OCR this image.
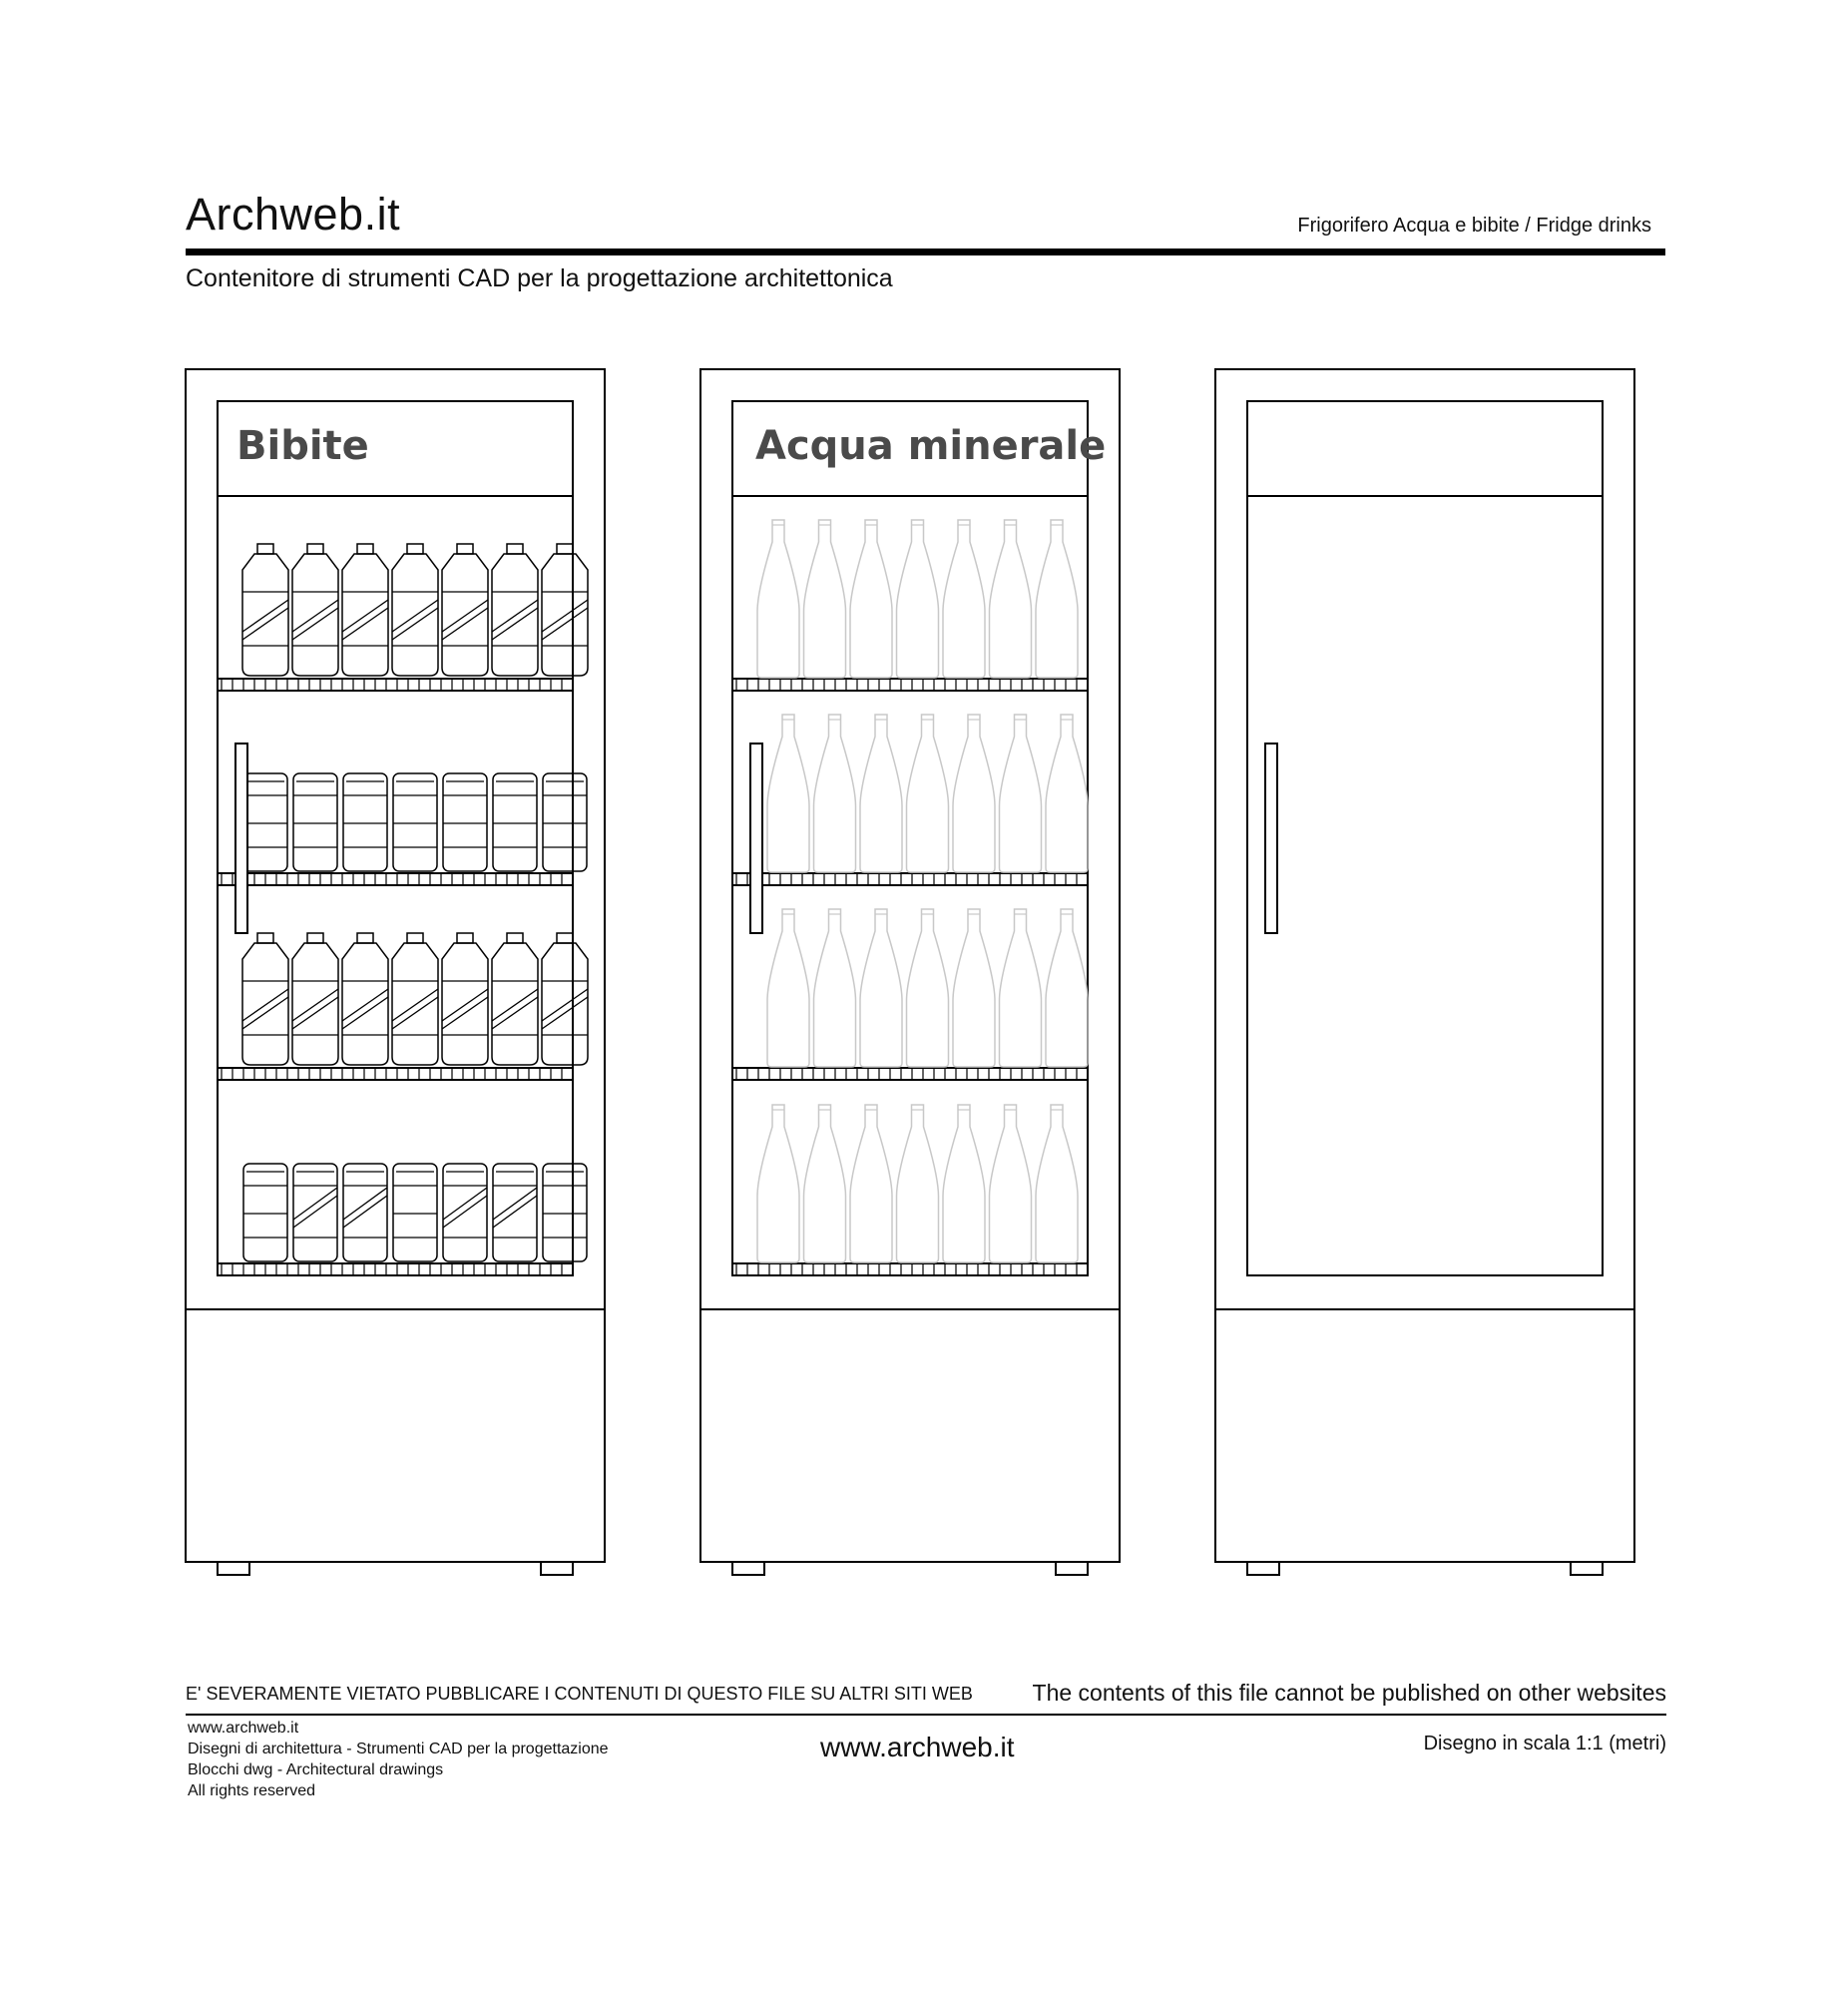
Archweb.it	Frigorifero Acqua e bibite / Fridge drinks
Contenitore di strumenti CAD per la progettazione architettonica
Bibite	Acqua minerale
E' SEVERAMENTE VIETATO PUBBLICARE I CONTENUTI DI QUESTO FILE SU ALTRI SITI WEB	The contents of this file cannot be published on other websites
www.archweb.it
Disegni di architettura - Strumenti CAD per la progettazione
Blocchi dwg - Architectural drawings
All rights reserved
www.archweb.it	Disegno in scala 1:1 (metri)
